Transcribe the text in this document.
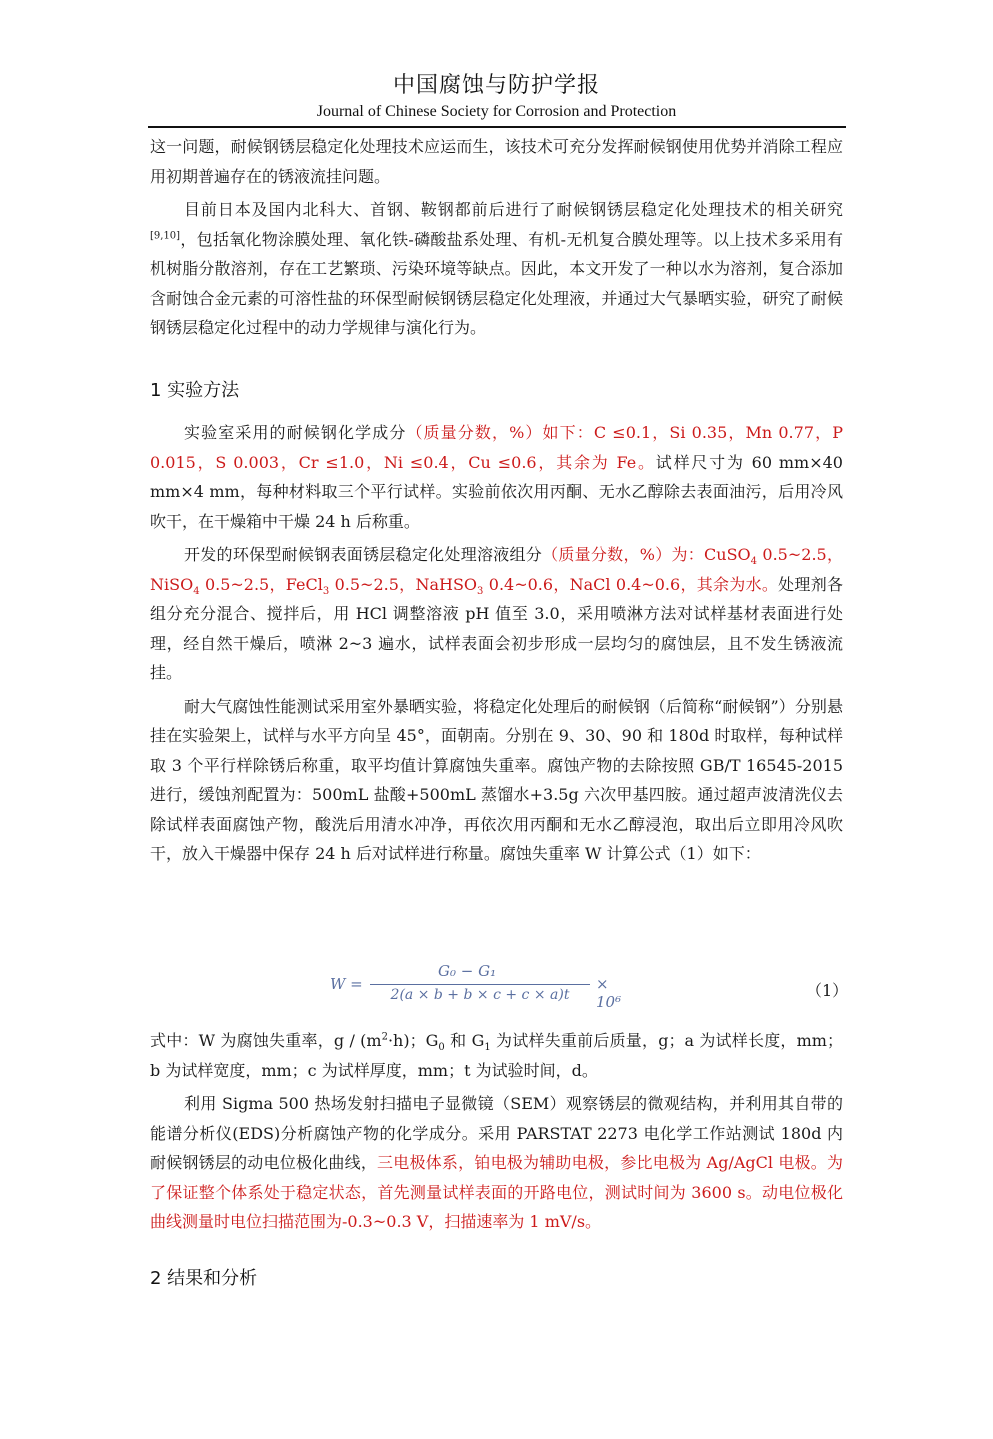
中国腐蚀与防护学报
Journal of Chinese Society for Corrosion and Protection

这一问题，耐候钢锈层稳定化处理技术应运而生，该技术可充分发挥耐候钢使用优势并消除工程应用初期普遍存在的锈液流挂问题。

目前日本及国内北科大、首钢、鞍钢都前后进行了耐候钢锈层稳定化处理技术的相关研究[9,10]，包括氧化物涂膜处理、氧化铁-磷酸盐系处理、有机-无机复合膜处理等。以上技术多采用有机树脂分散溶剂，存在工艺繁琐、污染环境等缺点。因此，本文开发了一种以水为溶剂，复合添加含耐蚀合金元素的可溶性盐的环保型耐候钢锈层稳定化处理液，并通过大气暴晒实验，研究了耐候钢锈层稳定化过程中的动力学规律与演化行为。

1 实验方法

实验室采用的耐候钢化学成分（质量分数，%）如下：C ≤0.1，Si 0.35，Mn 0.77，P 0.015，S 0.003，Cr ≤1.0，Ni ≤0.4，Cu ≤0.6，其余为 Fe。试样尺寸为 60 mm×40 mm×4 mm，每种材料取三个平行试样。实验前依次用丙酮、无水乙醇除去表面油污，后用冷风吹干，在干燥箱中干燥 24 h 后称重。

开发的环保型耐候钢表面锈层稳定化处理溶液组分（质量分数，%）为：CuSO$_4$ 0.5~2.5，NiSO$_4$ 0.5~2.5，FeCl$_3$ 0.5~2.5，NaHSO$_3$ 0.4~0.6，NaCl 0.4~0.6，其余为水。处理剂各组分充分混合、搅拌后，用 HCl 调整溶液 pH 值至 3.0，采用喷淋方法对试样基材表面进行处理，经自然干燥后，喷淋 2~3 遍水，试样表面会初步形成一层均匀的腐蚀层，且不发生锈液流挂。

耐大气腐蚀性能测试采用室外暴晒实验，将稳定化处理后的耐候钢（后简称“耐候钢”）分别悬挂在实验架上，试样与水平方向呈 45°，面朝南。分别在 9、30、90 和 180d 时取样，每种试样取 3 个平行样除锈后称重，取平均值计算腐蚀失重率。腐蚀产物的去除按照 GB/T 16545-2015 进行，缓蚀剂配置为：500mL 盐酸+500mL 蒸馏水+3.5g 六次甲基四胺。通过超声波清洗仪去除试样表面腐蚀产物，酸洗后用清水冲净，再依次用丙酮和无水乙醇浸泡，取出后立即用冷风吹干，放入干燥器中保存 24 h 后对试样进行称量。腐蚀失重率 W 计算公式（1）如下：

W =
G₀ − G₁
2(a × b + b × c + c × a)t
× 10⁶
（1）

式中：W 为腐蚀失重率，$g / (m^2\cdot h)$；$G_0$ 和 $G_1$ 为试样失重前后质量，g；a 为试样长度，mm；b 为试样宽度，mm；c 为试样厚度，mm；t 为试验时间，d。

利用 Sigma 500 热场发射扫描电子显微镜（SEM）观察锈层的微观结构，并利用其自带的能谱分析仪(EDS)分析腐蚀产物的化学成分。采用 PARSTAT 2273 电化学工作站测试 180d 内耐候钢锈层的动电位极化曲线，三电极体系，铂电极为辅助电极，参比电极为 Ag/AgCl 电极。为了保证整个体系处于稳定状态，首先测量试样表面的开路电位，测试时间为 3600 s。动电位极化曲线测量时电位扫描范围为-0.3~0.3 V，扫描速率为 1 mV/s。

2 结果和分析
